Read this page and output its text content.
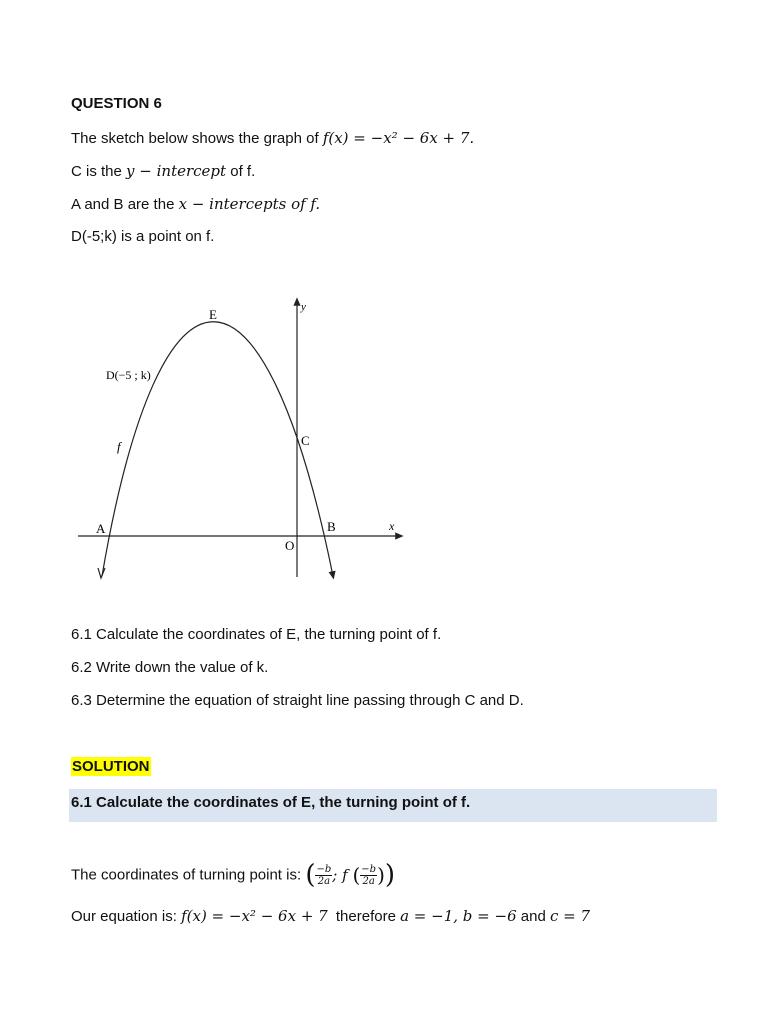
QUESTION 6
The sketch below shows the graph of f(x) = −x² − 6x + 7.
C is the y − intercept of f.
A and B are the x − intercepts of f.
D(-5;k) is a point on f.
E
D(−5 ; k)
f	C
A	B
O
x
y
6.1 Calculate the coordinates of E, the turning point of f.
6.2 Write down the value of k.
6.3 Determine the equation of straight line passing through C and D.
SOLUTION
6.1 Calculate the coordinates of E, the turning point of f.
The coordinates of turning point is: ( $\frac{-b}{2a}$ ; f ( $\frac{-b}{2a}$ ))
Our equation is: f(x) = −x² − 6x + 7 therefore a = −1, b = −6 and c = 7
